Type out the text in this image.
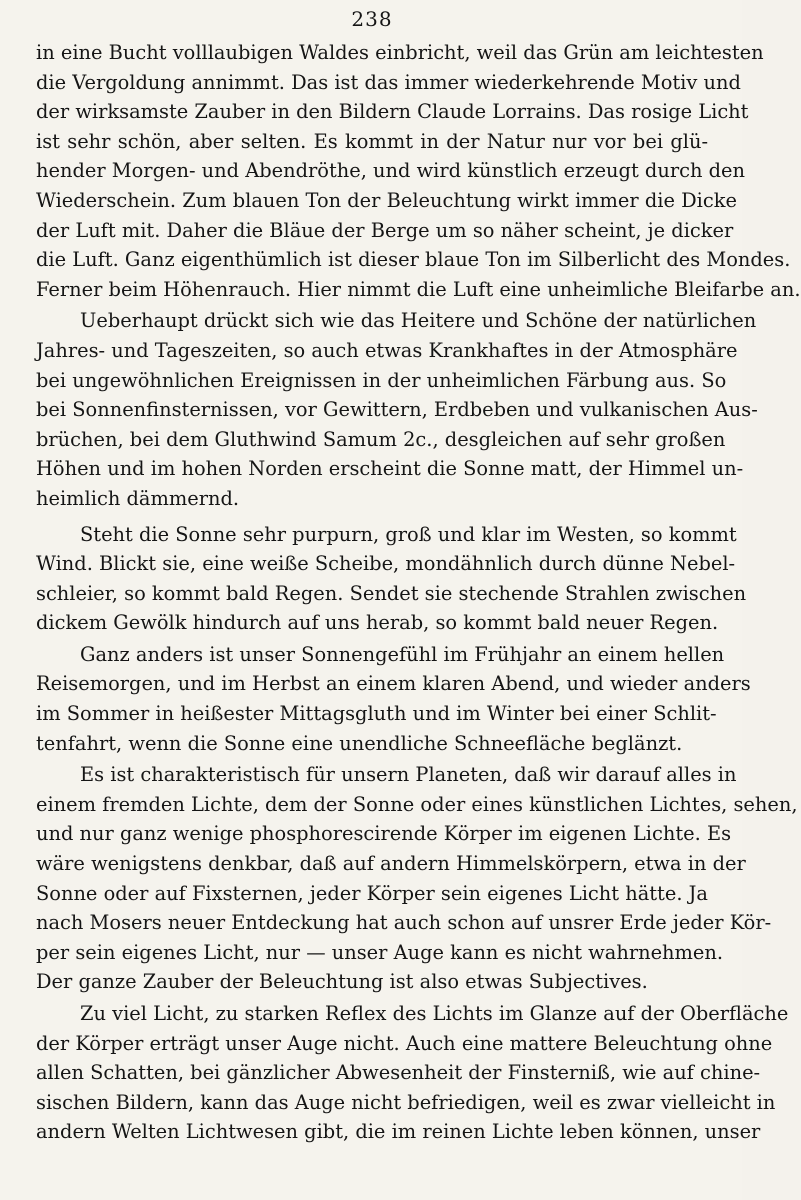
238
in eine Bucht volllaubigen Waldes einbricht, weil das Grün am leichtesten
die Vergoldung annimmt. Das ist das immer wiederkehrende Motiv und
der wirksamste Zauber in den Bildern Claude Lorrains. Das rosige Licht
ist sehr schön, aber selten. Es kommt in der Natur nur vor bei glü-
hender Morgen- und Abendröthe, und wird künstlich erzeugt durch den
Wiederschein. Zum blauen Ton der Beleuchtung wirkt immer die Dicke
der Luft mit. Daher die Bläue der Berge um so näher scheint, je dicker
die Luft. Ganz eigenthümlich ist dieser blaue Ton im Silberlicht des Mondes.
Ferner beim Höhenrauch. Hier nimmt die Luft eine unheimliche Bleifarbe an.
Ueberhaupt drückt sich wie das Heitere und Schöne der natürlichen
Jahres- und Tageszeiten, so auch etwas Krankhaftes in der Atmosphäre
bei ungewöhnlichen Ereignissen in der unheimlichen Färbung aus. So
bei Sonnenfinsternissen, vor Gewittern, Erdbeben und vulkanischen Aus-
brüchen, bei dem Gluthwind Samum 2c., desgleichen auf sehr großen
Höhen und im hohen Norden erscheint die Sonne matt, der Himmel un-
heimlich dämmernd.
Steht die Sonne sehr purpurn, groß und klar im Westen, so kommt
Wind. Blickt sie, eine weiße Scheibe, mondähnlich durch dünne Nebel-
schleier, so kommt bald Regen. Sendet sie stechende Strahlen zwischen
dickem Gewölk hindurch auf uns herab, so kommt bald neuer Regen.
Ganz anders ist unser Sonnengefühl im Frühjahr an einem hellen
Reisemorgen, und im Herbst an einem klaren Abend, und wieder anders
im Sommer in heißester Mittagsgluth und im Winter bei einer Schlit-
tenfahrt, wenn die Sonne eine unendliche Schneefläche beglänzt.
Es ist charakteristisch für unsern Planeten, daß wir darauf alles in
einem fremden Lichte, dem der Sonne oder eines künstlichen Lichtes, sehen,
und nur ganz wenige phosphorescirende Körper im eigenen Lichte. Es
wäre wenigstens denkbar, daß auf andern Himmelskörpern, etwa in der
Sonne oder auf Fixsternen, jeder Körper sein eigenes Licht hätte. Ja
nach Mosers neuer Entdeckung hat auch schon auf unsrer Erde jeder Kör-
per sein eigenes Licht, nur — unser Auge kann es nicht wahrnehmen.
Der ganze Zauber der Beleuchtung ist also etwas Subjectives.
Zu viel Licht, zu starken Reflex des Lichts im Glanze auf der Oberfläche
der Körper erträgt unser Auge nicht. Auch eine mattere Beleuchtung ohne
allen Schatten, bei gänzlicher Abwesenheit der Finsterniß, wie auf chine-
sischen Bildern, kann das Auge nicht befriedigen, weil es zwar vielleicht in
andern Welten Lichtwesen gibt, die im reinen Lichte leben können, unser
